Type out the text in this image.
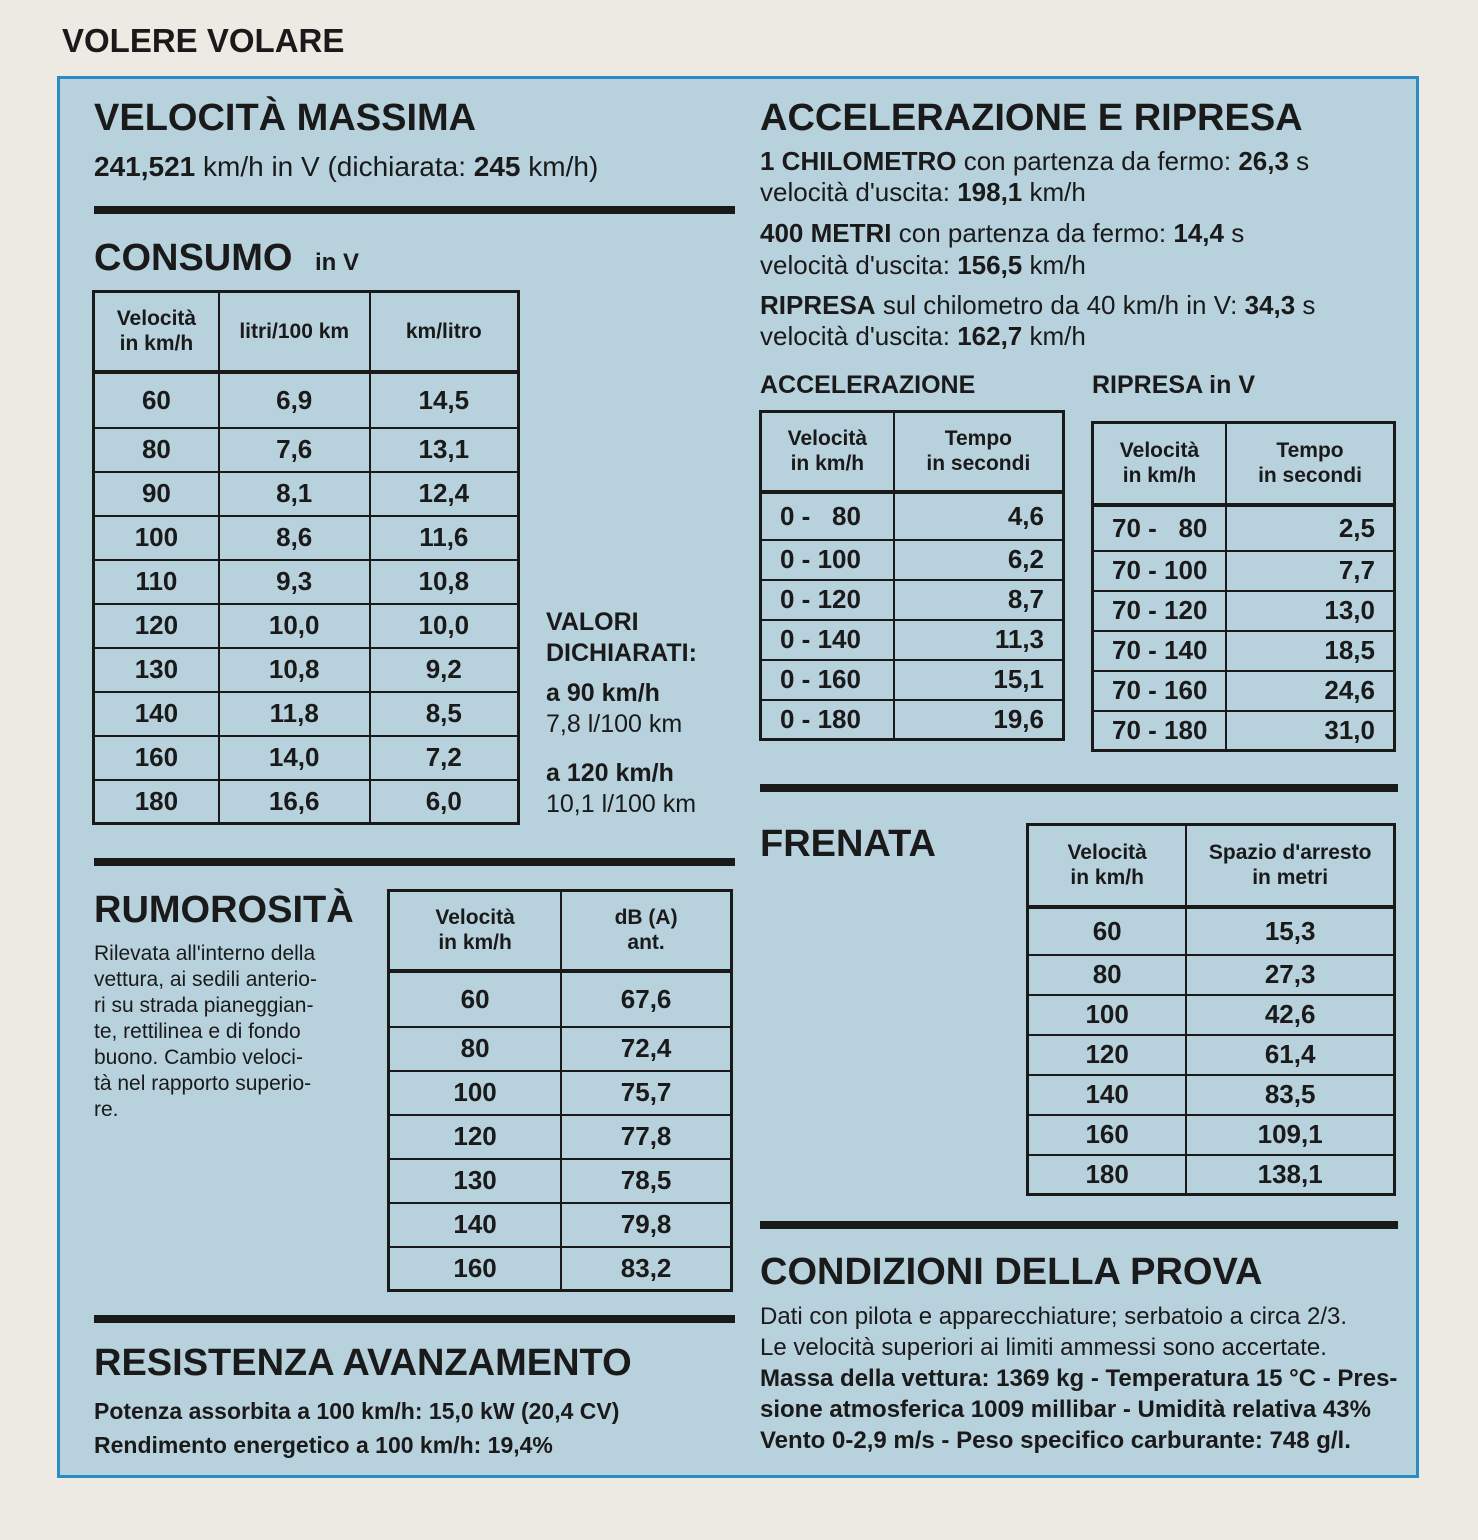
VOLERE VOLARE
VELOCITÀ MASSIMA
241,521 km/h in V (dichiarata: 245 km/h)
CONSUMO in V
Velocità
in km/h	litri/100 km	km/litro
60	6,9	14,5
80	7,6	13,1
90	8,1	12,4
100	8,6	11,6
110	9,3	10,8
120	10,0	10,0
130	10,8	9,2
140	11,8	8,5
160	14,0	7,2
180	16,6	6,0
VALORI
DICHIARATI:
a 90 km/h
7,8 l/100 km
a 120 km/h
10,1 l/100 km
RUMOROSITÀ
Rilevata all'interno della
vettura, ai sedili anterio-
ri su strada pianeggian-
te, rettilinea e di fondo
buono. Cambio veloci-
tà nel rapporto superio-
re.
Velocità
in km/h	dB (A)
ant.
60	67,6
80	72,4
100	75,7
120	77,8
130	78,5
140	79,8
160	83,2
RESISTENZA AVANZAMENTO
Potenza assorbita a 100 km/h: 15,0 kW (20,4 CV)
Rendimento energetico a 100 km/h: 19,4%
ACCELERAZIONE E RIPRESA
1 CHILOMETRO con partenza da fermo: 26,3 s
velocità d'uscita: 198,1 km/h
400 METRI con partenza da fermo: 14,4 s
velocità d'uscita: 156,5 km/h
RIPRESA sul chilometro da 40 km/h in V: 34,3 s
velocità d'uscita: 162,7 km/h
ACCELERAZIONE
Velocità
in km/h	Tempo
in secondi
0 -   80	4,6
0 - 100	6,2
0 - 120	8,7
0 - 140	11,3
0 - 160	15,1
0 - 180	19,6
RIPRESA in V
Velocità
in km/h	Tempo
in secondi
70 -   80	2,5
70 - 100	7,7
70 - 120	13,0
70 - 140	18,5
70 - 160	24,6
70 - 180	31,0
FRENATA	Velocità
in km/h	Spazio d'arresto
in metri
60	15,3
80	27,3
100	42,6
120	61,4
140	83,5
160	109,1
180	138,1
CONDIZIONI DELLA PROVA
Dati con pilota e apparecchiature; serbatoio a circa 2/3.
Le velocità superiori ai limiti ammessi sono accertate.
Massa della vettura: 1369 kg - Temperatura 15 °C - Pres-
sione atmosferica 1009 millibar - Umidità relativa 43%
Vento 0-2,9 m/s - Peso specifico carburante: 748 g/l.
